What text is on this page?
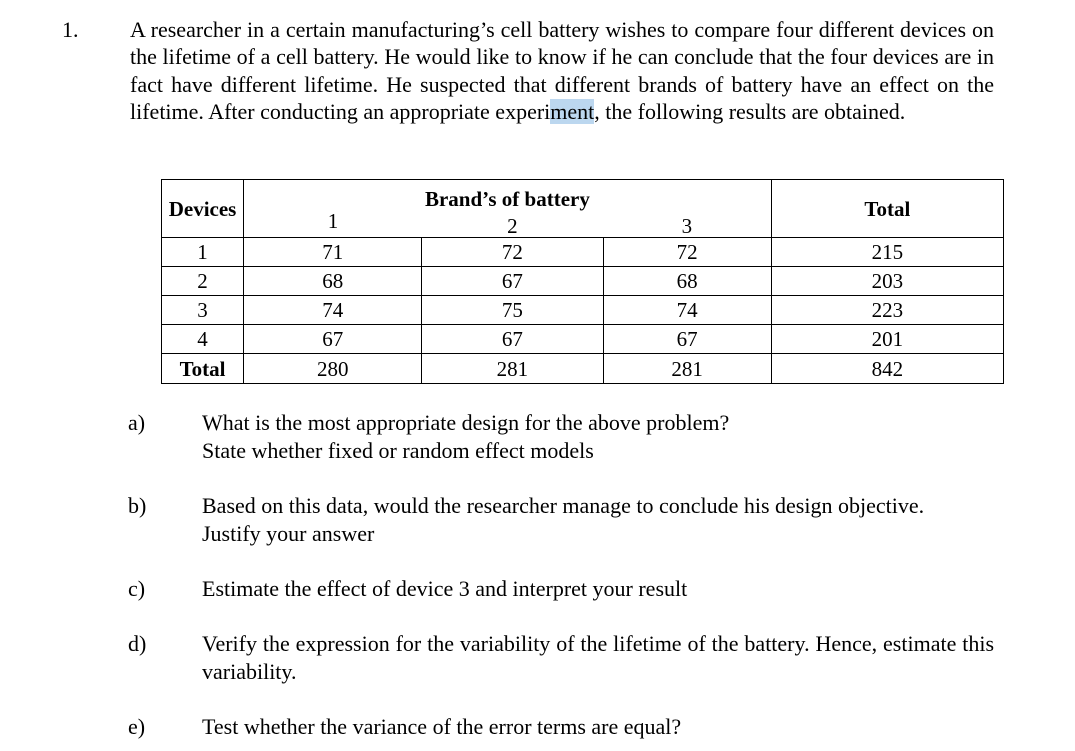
1. A researcher in a certain manufacturing’s cell battery wishes to compare four different devices on the lifetime of a cell battery. He would like to know if he can conclude that the four devices are in fact have different lifetime. He suspected that different brands of battery have an effect on the lifetime. After conducting an appropriate experiment, the following results are obtained.
Devices	Brand’s of battery			Total
	1	2	3	
1	71	72	72	215
2	68	67	68	203
3	74	75	74	223
4	67	67	67	201
Total	280	281	281	842
a)	What is the most appropriate design for the above problem?
State whether fixed or random effect models
b)	Based on this data, would the researcher manage to conclude his design objective.
Justify your answer
c)	Estimate the effect of device 3 and interpret your result
d)	Verify the expression for the variability of the lifetime of the battery. Hence, estimate this variability.
e)	Test whether the variance of the error terms are equal?
